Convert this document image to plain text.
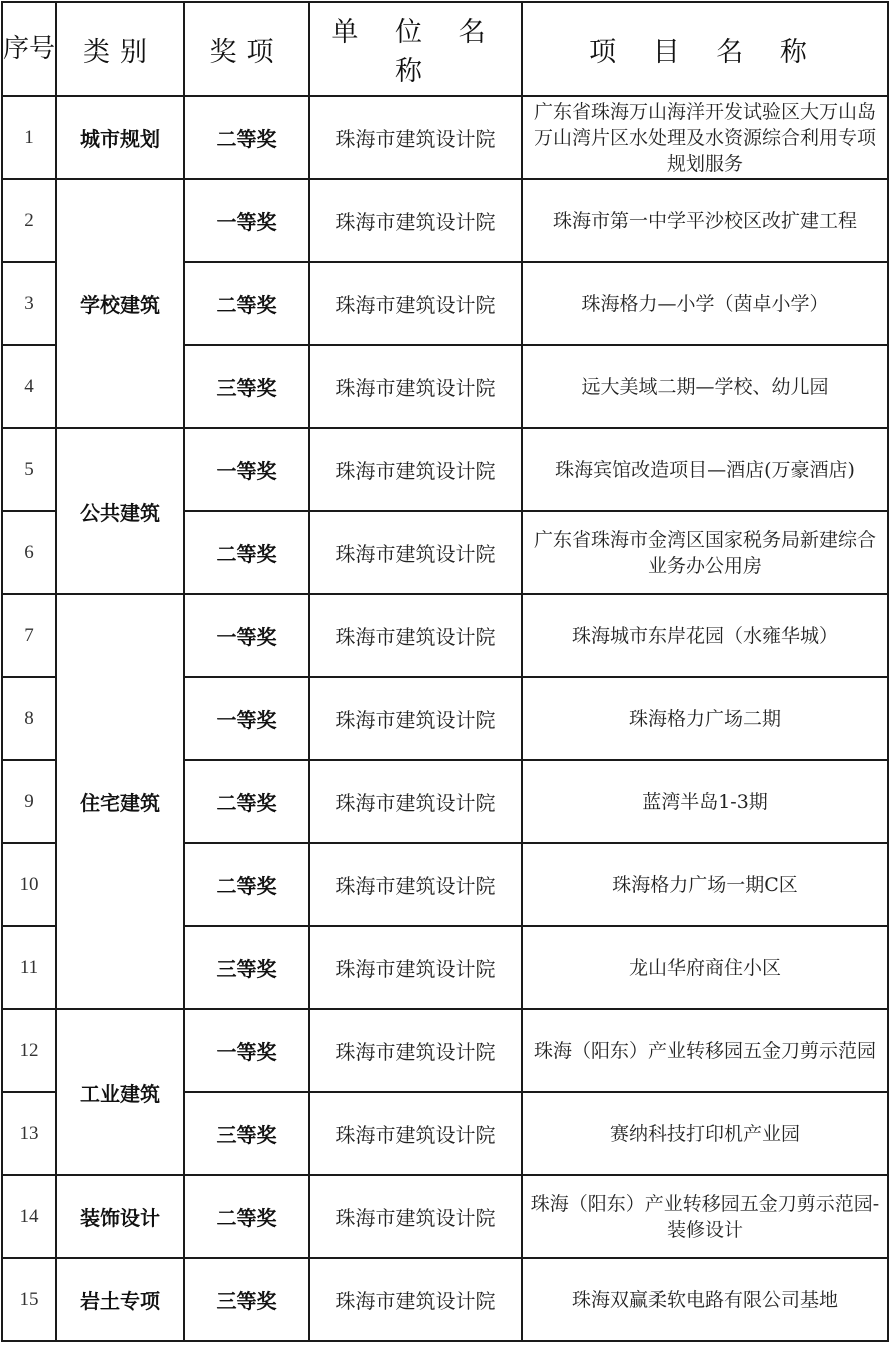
序号	类别	奖项	单 位 名 称	项 目 名 称
1	城市规划	二等奖	珠海市建筑设计院	广东省珠海万山海洋开发试验区大万山岛万山湾片区水处理及水资源综合利用专项规划服务
2	学校建筑	一等奖	珠海市建筑设计院	珠海市第一中学平沙校区改扩建工程
3		二等奖	珠海市建筑设计院	珠海格力—小学（茵卓小学）
4		三等奖	珠海市建筑设计院	远大美域二期—学校、幼儿园
5	公共建筑	一等奖	珠海市建筑设计院	珠海宾馆改造项目—酒店(万豪酒店)
6		二等奖	珠海市建筑设计院	广东省珠海市金湾区国家税务局新建综合业务办公用房
7	住宅建筑	一等奖	珠海市建筑设计院	珠海城市东岸花园（水雍华城）
8		一等奖	珠海市建筑设计院	珠海格力广场二期
9		二等奖	珠海市建筑设计院	蓝湾半岛1-3期
10		二等奖	珠海市建筑设计院	珠海格力广场一期C区
11		三等奖	珠海市建筑设计院	龙山华府商住小区
12	工业建筑	一等奖	珠海市建筑设计院	珠海（阳东）产业转移园五金刀剪示范园
13		三等奖	珠海市建筑设计院	赛纳科技打印机产业园
14	装饰设计	二等奖	珠海市建筑设计院	珠海（阳东）产业转移园五金刀剪示范园-装修设计
15	岩土专项	三等奖	珠海市建筑设计院	珠海双赢柔软电路有限公司基地
